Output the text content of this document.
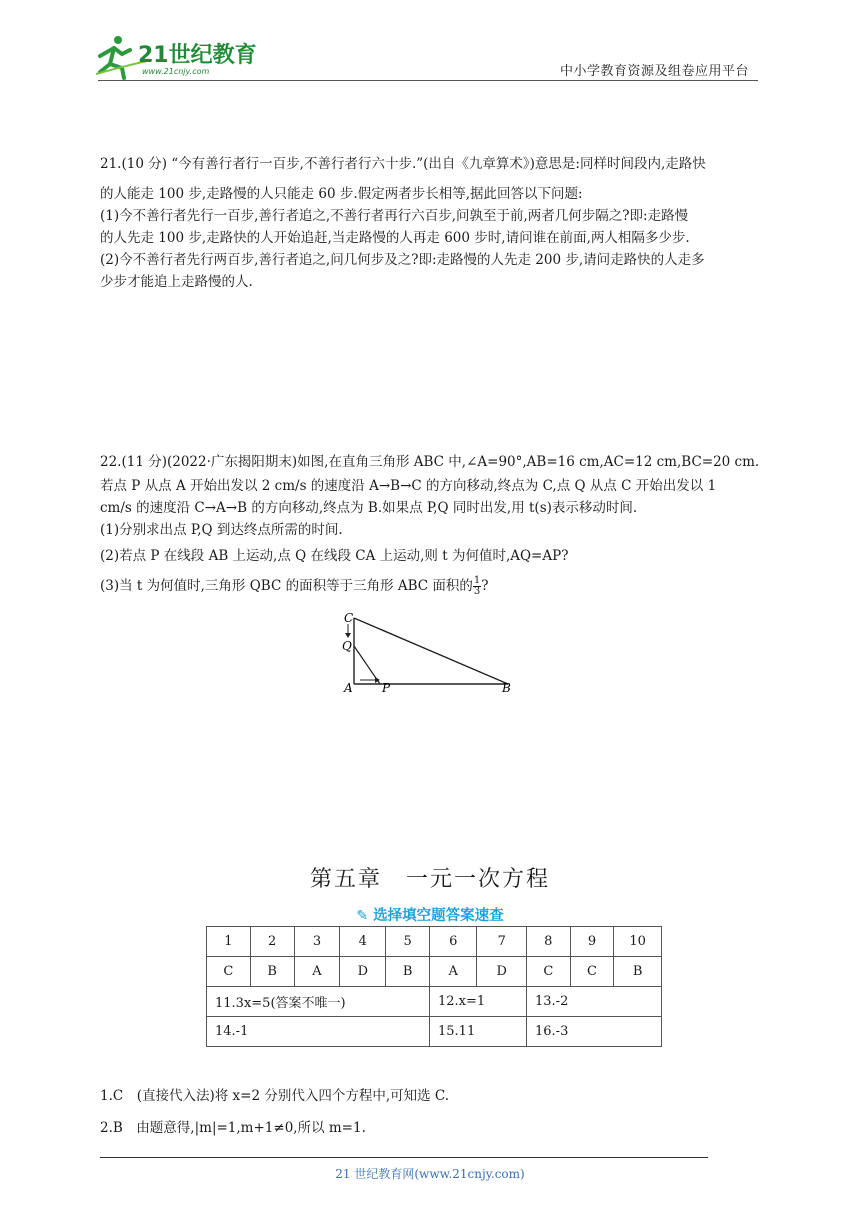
21世纪教育
www.21cnjy.com	中小学教育资源及组卷应用平台
21.(10 分) “今有善行者行一百步,不善行者行六十步.”(出自《九章算术》)意思是:同样时间段内,走路快
的人能走 100 步,走路慢的人只能走 60 步.假定两者步长相等,据此回答以下问题:
(1)今不善行者先行一百步,善行者追之,不善行者再行六百步,问孰至于前,两者几何步隔之?即:走路慢
的人先走 100 步,走路快的人开始追赶,当走路慢的人再走 600 步时,请问谁在前面,两人相隔多少步.
(2)今不善行者先行两百步,善行者追之,问几何步及之?即:走路慢的人先走 200 步,请问走路快的人走多
少步才能追上走路慢的人.
22.(11 分)(2022·广东揭阳期末)如图,在直角三角形 ABC 中,∠A=90°,AB=16 cm,AC=12 cm,BC=20 cm.
若点 P 从点 A 开始出发以 2 cm/s 的速度沿 A→B→C 的方向移动,终点为 C,点 Q 从点 C 开始出发以 1
cm/s 的速度沿 C→A→B 的方向移动,终点为 B.如果点 P,Q 同时出发,用 t(s)表示移动时间.
(1)分别求出点 P,Q 到达终点所需的时间.
(2)若点 P 在线段 AB 上运动,点 Q 在线段 CA 上运动,则 t 为何值时,AQ=AP?
(3)当 t 为何值时,三角形 QBC 的面积等于三角形 ABC 面积的 $\frac{1}{3}$ ?
C
Q
A P	B
第五章　一元一次方程
✎ 选择填空题答案速查
1	2	3	4	5	6	7	8	9	10
C	B	A	D	B	A	D	C	C	B
11.3x=5(答案不唯一)					12.x=1		13.-2		
14.-1					15.11		16.-3		
1.C　(直接代入法)将 x=2 分别代入四个方程中,可知选 C.
2.B　由题意得,|m|=1,m+1≠0,所以 m=1.
21 世纪教育网(www.21cnjy.com)
